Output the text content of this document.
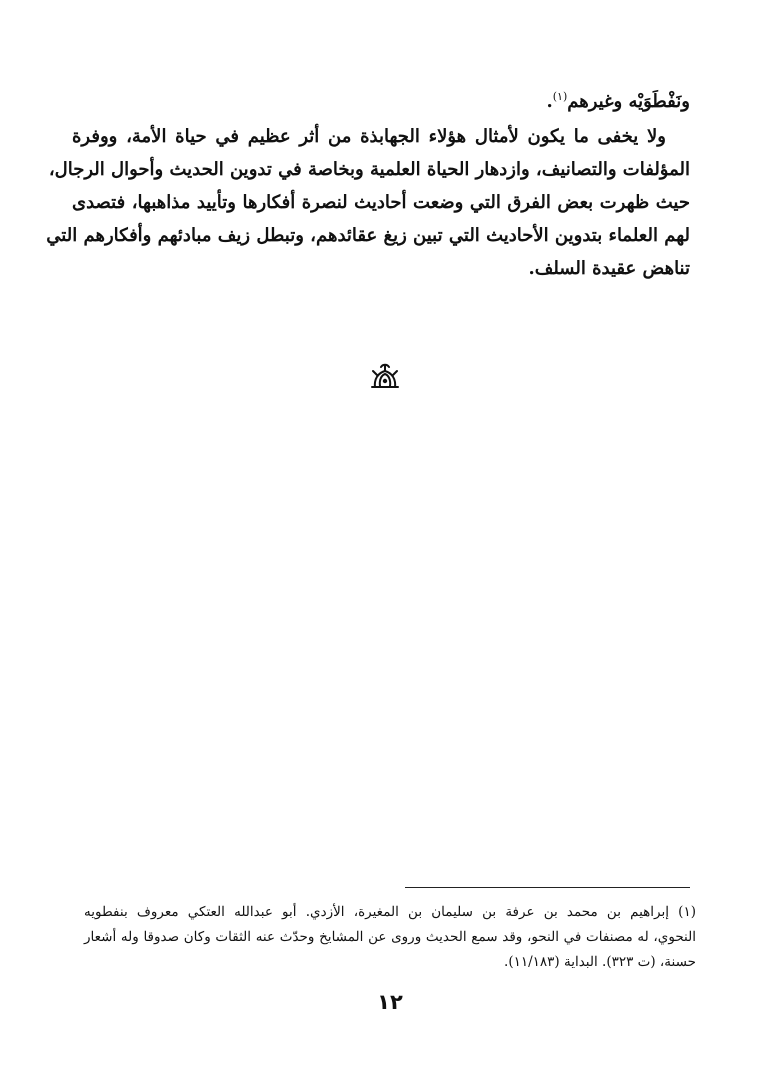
ونَفْطَوَيْه وغيرهم$^{(١)}$.
ولا يخفى ما يكون لأمثال هؤلاء الجهابذة من أثر عظيم في حياة الأمة، ووفرة
المؤلفات والتصانيف، وازدهار الحياة العلمية وبخاصة في تدوين الحديث وأحوال الرجال،
حيث ظهرت بعض الفرق التي وضعت أحاديث لنصرة أفكارها وتأييد مذاهبها، فتصدى
لهم العلماء بتدوين الأحاديث التي تبين زيغ عقائدهم، وتبطل زيف مبادئهم وأفكارهم التي
تناهض عقيدة السلف.
(١) إبراهيم بن محمد بن عرفة بن سليمان بن المغيرة، الأزدي. أبو عبدالله العتكي معروف بنفطويه
النحوي، له مصنفات في النحو، وقد سمع الحديث وروى عن المشايخ وحدّث عنه الثقات وكان صدوقا وله أشعار
حسنة، (ت ٣٢٣). البداية (١١/١٨٣).
١٢
